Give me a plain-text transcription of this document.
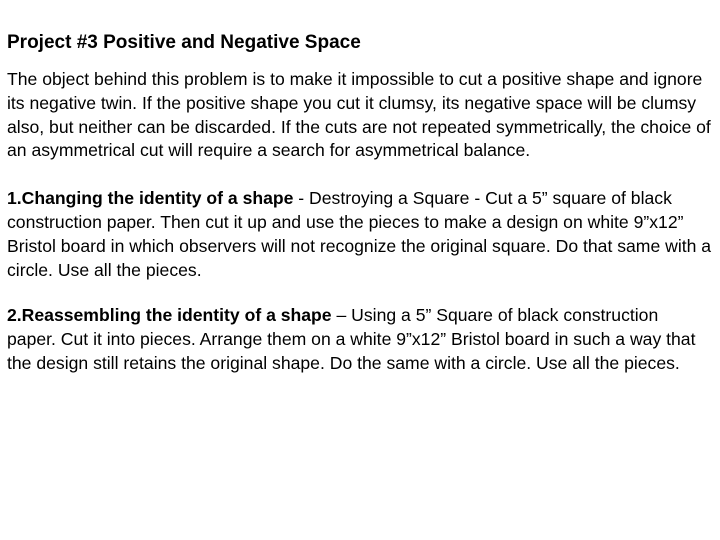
Project #3 Positive and Negative Space

The object behind this problem is to make it impossible to cut a positive shape and ignore its negative twin. If the positive shape you cut it clumsy, its negative space will be clumsy also, but neither can be discarded. If the cuts are not repeated symmetrically, the choice of an asymmetrical cut will require a search for asymmetrical balance.

1.Changing the identity of a shape - Destroying a Square - Cut a 5” square of black construction paper. Then cut it up and use the pieces to make a design on white 9”x12” Bristol board in which observers will not recognize the original square. Do that same with a circle. Use all the pieces.

2.Reassembling the identity of a shape – Using a 5” Square of black construction paper. Cut it into pieces. Arrange them on a white 9”x12” Bristol board in such a way that the design still retains the original shape. Do the same with a circle. Use all the pieces.
